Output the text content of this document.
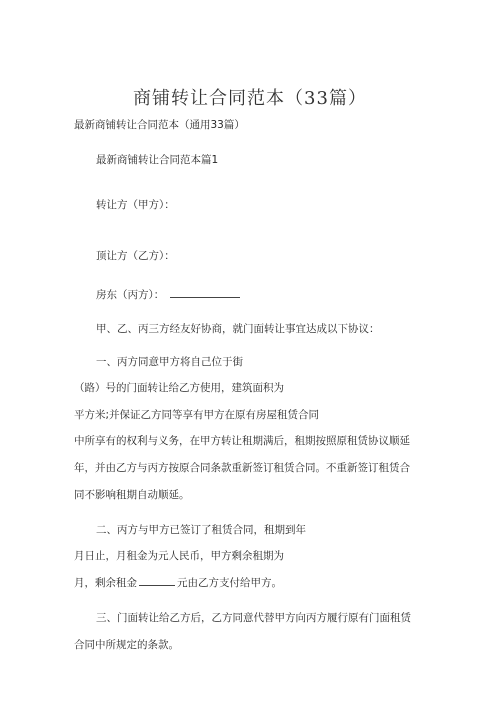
商铺转让合同范本（33篇）
最新商铺转让合同范本（通用33篇）
最新商铺转让合同范本篇1
转让方（甲方）：
顶让方（乙方）：
房东（丙方）：
甲、乙、丙三方经友好协商，就门面转让事宜达成以下协议：
一、丙方同意甲方将自己位于街
（路）号的门面转让给乙方使用，建筑面积为
平方米;并保证乙方同等享有甲方在原有房屋租赁合同
中所享有的权利与义务，在甲方转让租期满后，租期按照原租赁协议顺延
年，并由乙方与丙方按原合同条款重新签订租赁合同。不重新签订租赁合
同不影响租期自动顺延。
二、丙方与甲方已签订了租赁合同，租期到年
月日止，月租金为元人民币，甲方剩余租期为
月，剩余租金	元由乙方支付给甲方。
三、门面转让给乙方后，乙方同意代替甲方向丙方履行原有门面租赁
合同中所规定的条款。
